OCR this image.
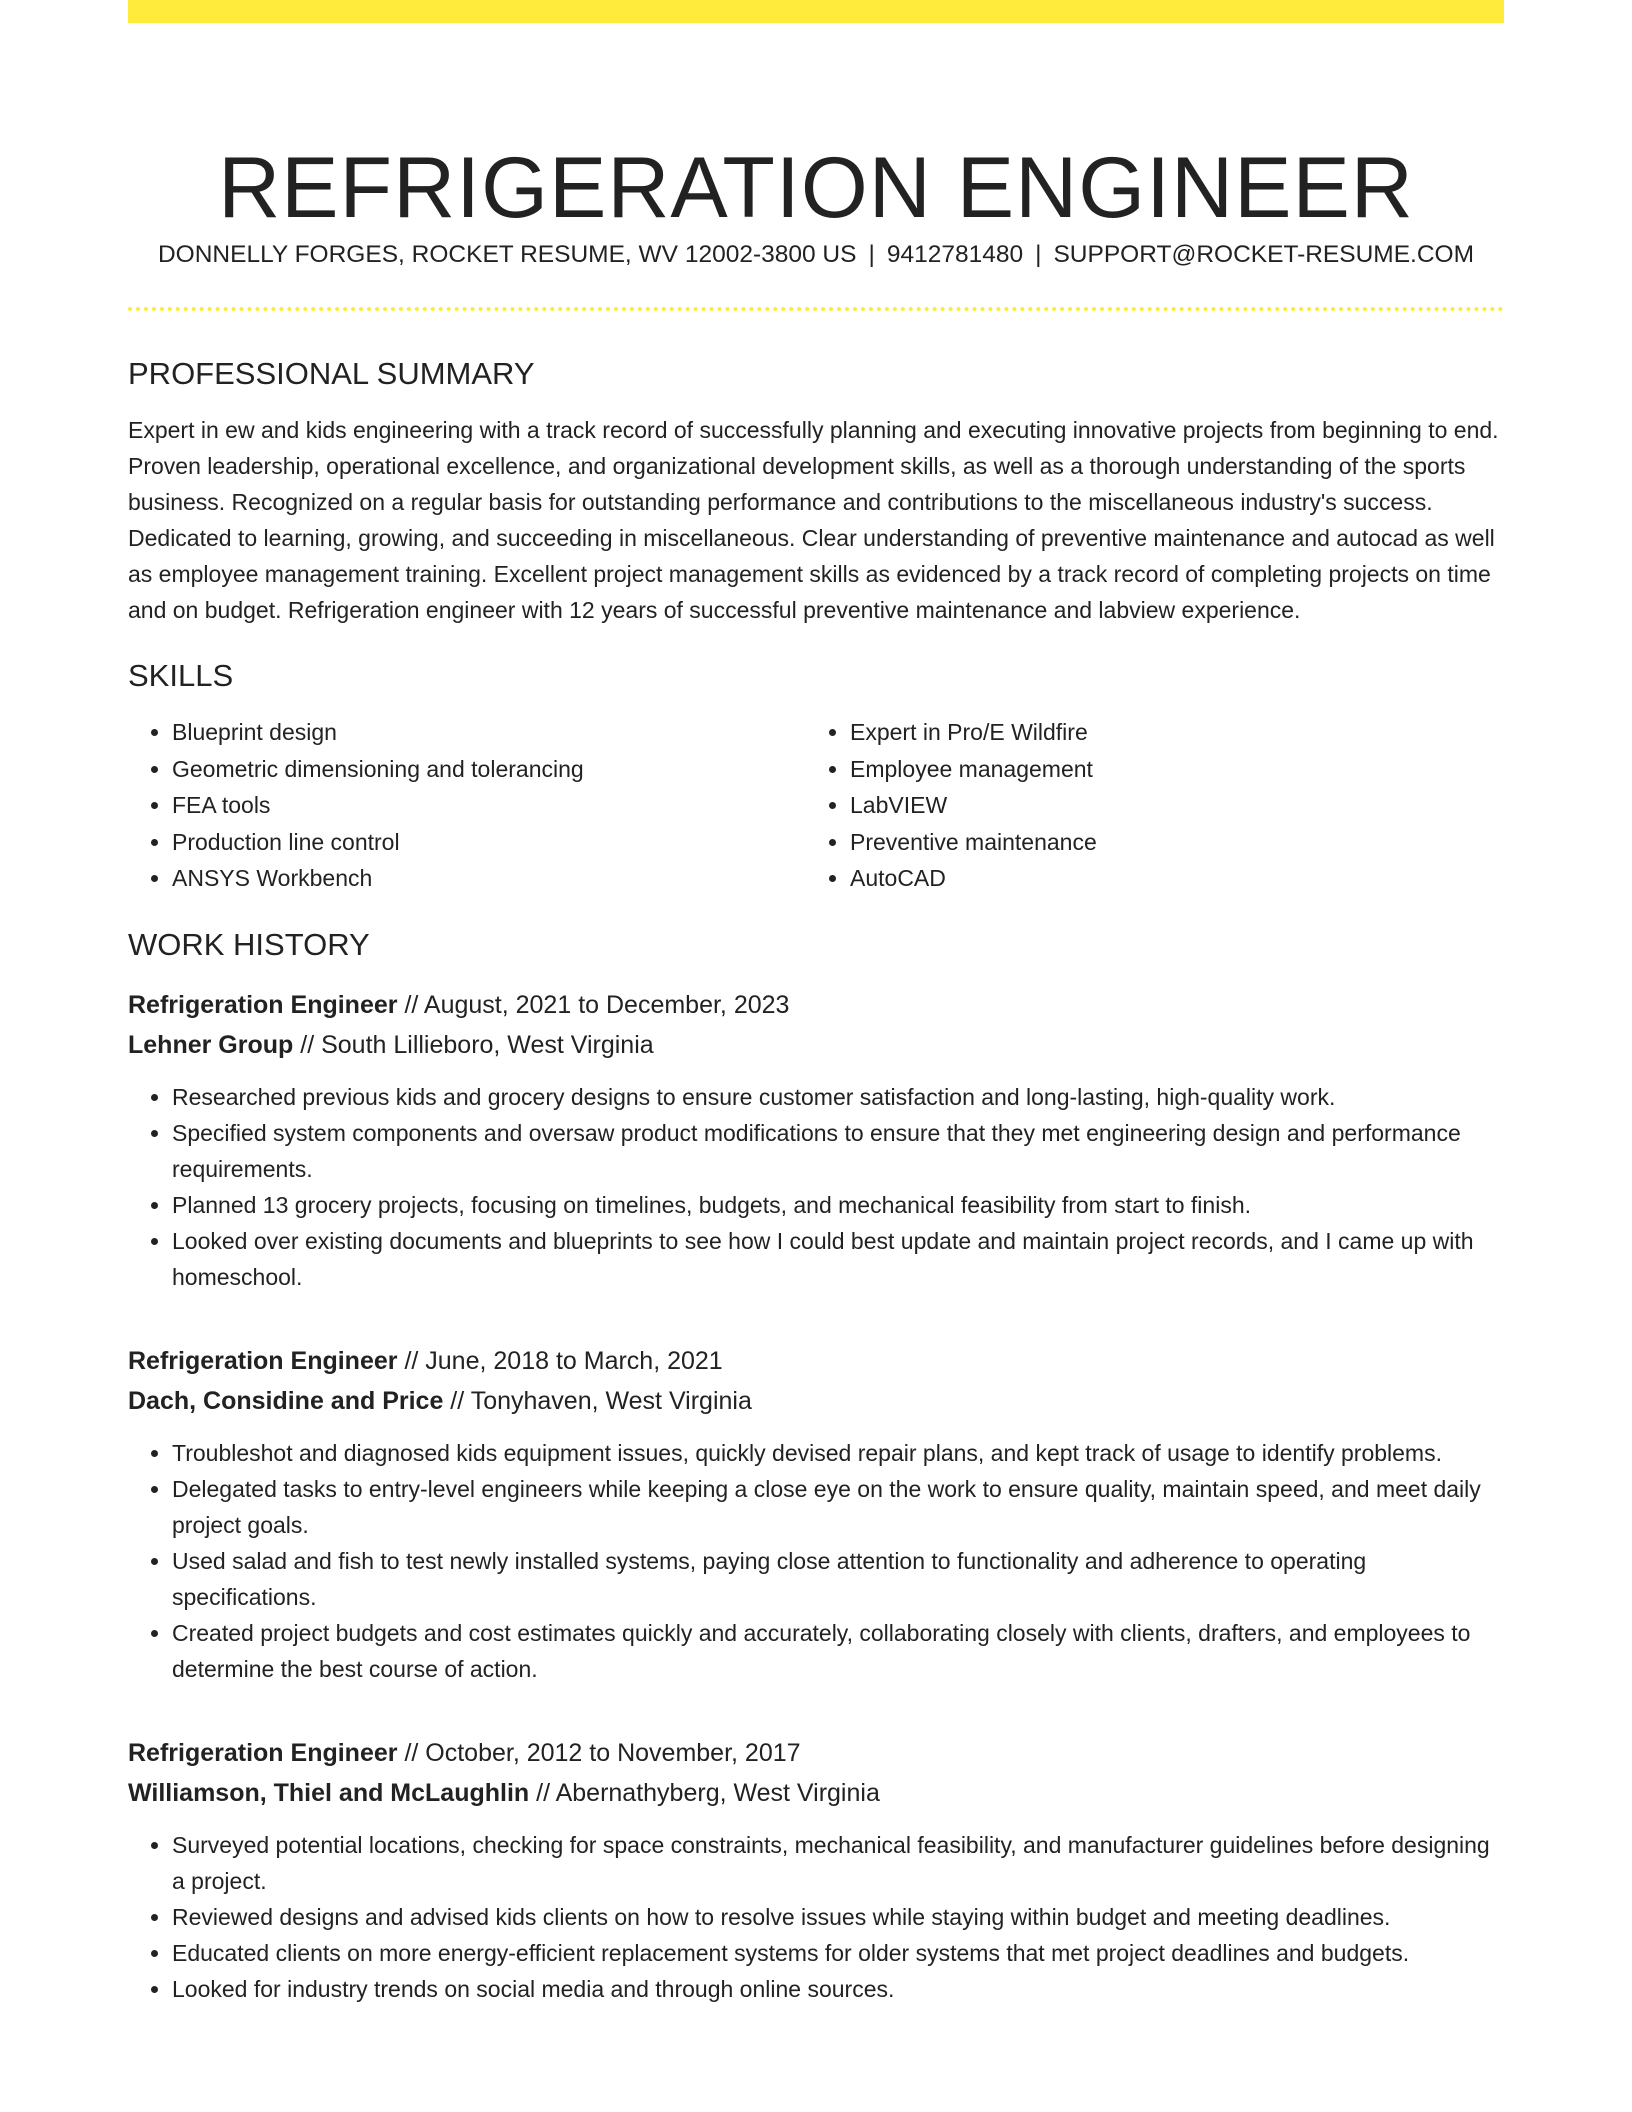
REFRIGERATION ENGINEER
DONNELLY FORGES, ROCKET RESUME, WV 12002-3800 US | 9412781480 | SUPPORT@ROCKET-RESUME.COM
PROFESSIONAL SUMMARY

Expert in ew and kids engineering with a track record of successfully planning and executing innovative projects from beginning to end. Proven leadership, operational excellence, and organizational development skills, as well as a thorough understanding of the sports business. Recognized on a regular basis for outstanding performance and contributions to the miscellaneous industry's success. Dedicated to learning, growing, and succeeding in miscellaneous. Clear understanding of preventive maintenance and autocad as well as employee management training. Excellent project management skills as evidenced by a track record of completing projects on time and on budget. Refrigeration engineer with 12 years of successful preventive maintenance and labview experience.

SKILLS
• Blueprint design
• Geometric dimensioning and tolerancing
• FEA tools
• Production line control
• ANSYS Workbench
• Expert in Pro/E Wildfire
• Employee management
• LabVIEW
• Preventive maintenance
• AutoCAD
WORK HISTORY

Refrigeration Engineer // August, 2021 to December, 2023

Lehner Group // South Lillieboro, West Virginia

• Researched previous kids and grocery designs to ensure customer satisfaction and long-lasting, high-quality work.
• Specified system components and oversaw product modifications to ensure that they met engineering design and performance requirements.
• Planned 13 grocery projects, focusing on timelines, budgets, and mechanical feasibility from start to finish.
• Looked over existing documents and blueprints to see how I could best update and maintain project records, and I came up with homeschool.

Refrigeration Engineer // June, 2018 to March, 2021

Dach, Considine and Price // Tonyhaven, West Virginia

• Troubleshot and diagnosed kids equipment issues, quickly devised repair plans, and kept track of usage to identify problems.
• Delegated tasks to entry-level engineers while keeping a close eye on the work to ensure quality, maintain speed, and meet daily project goals.
• Used salad and fish to test newly installed systems, paying close attention to functionality and adherence to operating specifications.
• Created project budgets and cost estimates quickly and accurately, collaborating closely with clients, drafters, and employees to determine the best course of action.

Refrigeration Engineer // October, 2012 to November, 2017

Williamson, Thiel and McLaughlin // Abernathyberg, West Virginia

• Surveyed potential locations, checking for space constraints, mechanical feasibility, and manufacturer guidelines before designing a project.
• Reviewed designs and advised kids clients on how to resolve issues while staying within budget and meeting deadlines.
• Educated clients on more energy-efficient replacement systems for older systems that met project deadlines and budgets.
• Looked for industry trends on social media and through online sources.
